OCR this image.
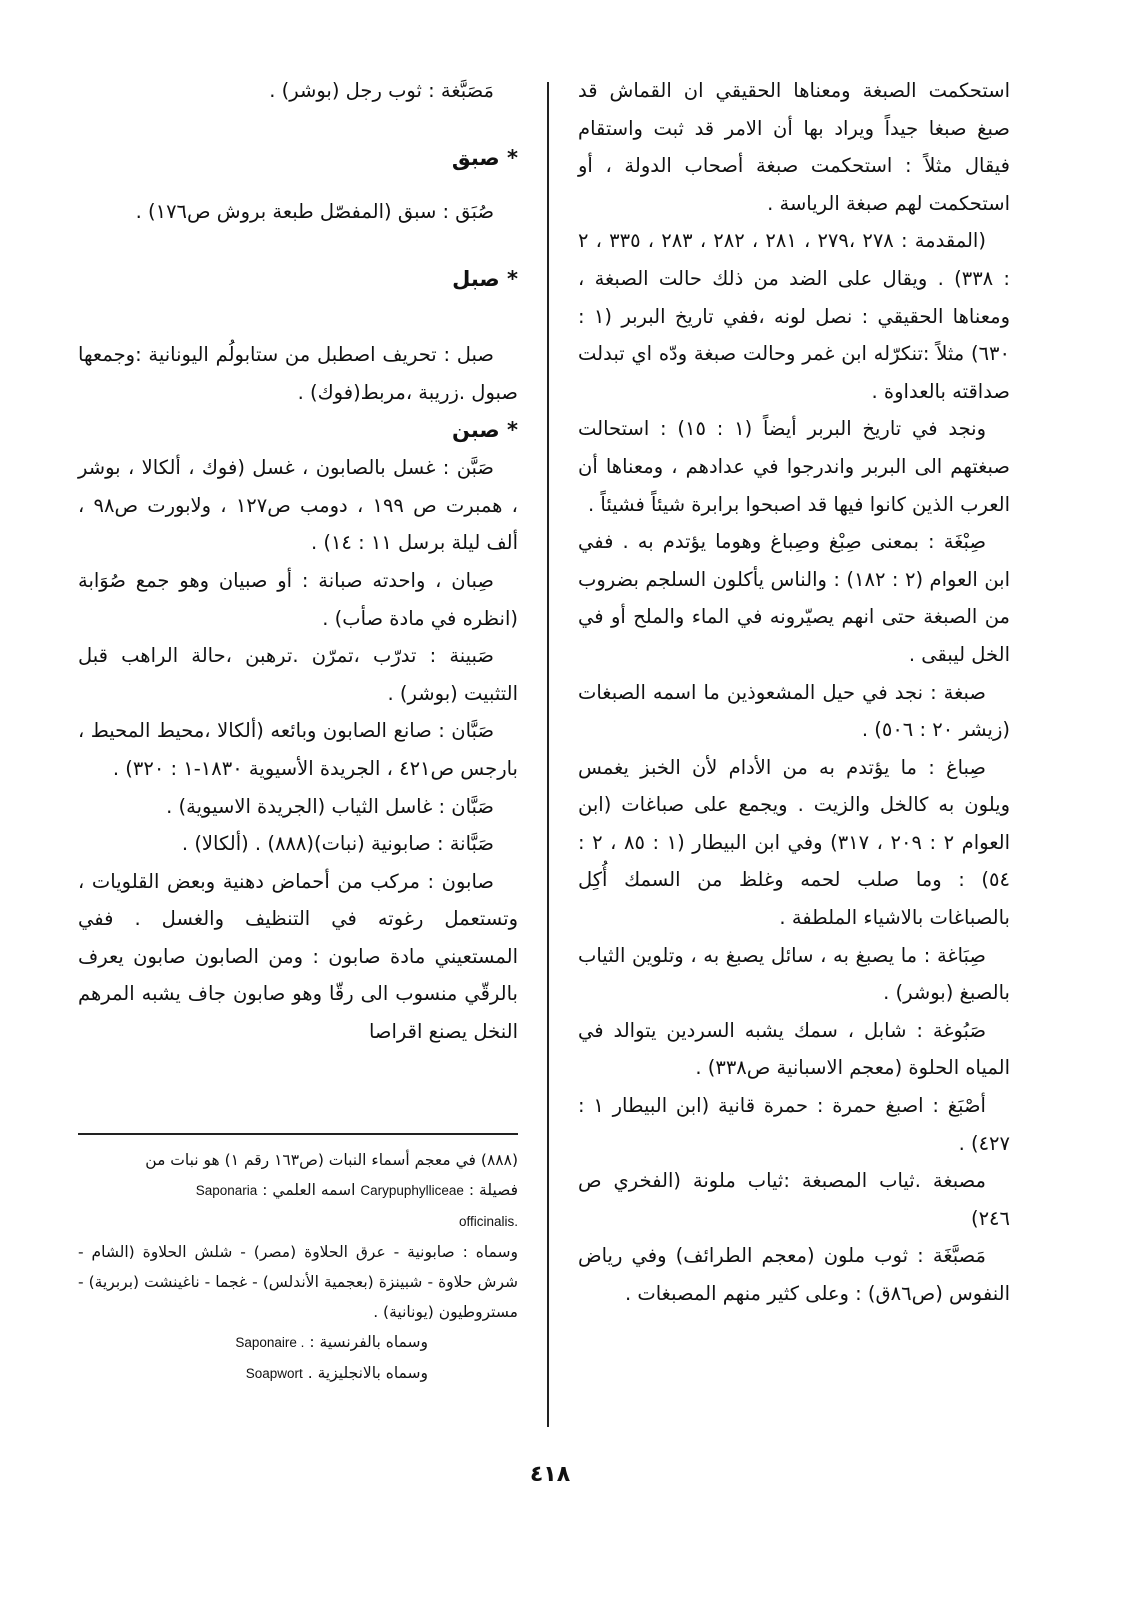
استحكمت الصبغة ومعناها الحقيقي ان القماش قد صبغ صبغا جيداً ويراد بها أن الامر قد ثبت واستقام فيقال مثلاً : استحكمت صبغة أصحاب الدولة ، أو استحكمت لهم صبغة الرياسة .

(المقدمة : ٢٧٨ ،٢٧٩ ، ٢٨١ ، ٢٨٢ ، ٢٨٣ ، ٣٣٥ ، ٢ : ٣٣٨) . ويقال على الضد من ذلك حالت الصبغة ، ومعناها الحقيقي : نصل لونه ،ففي تاريخ البربر (١ : ٦٣٠) مثلاً :تنكرّله ابن غمر وحالت صبغة ودّه اي تبدلت صداقته بالعداوة .

ونجد في تاريخ البربر أيضاً (١ : ١٥) : استحالت صبغتهم الى البربر واندرجوا في عدادهم ، ومعناها أن العرب الذين كانوا فيها قد اصبحوا برابرة شيئاً فشيئاً .

صِبْغَة : بمعنى صِبْغ وصِباغ وهوما يؤتدم به . ففي ابن العوام (٢ : ١٨٢) : والناس يأكلون السلجم بضروب من الصبغة حتى انهم يصيّرونه في الماء والملح أو في الخل ليبقى .

صبغة : نجد في حيل المشعوذين ما اسمه الصبغات (زيشر ٢٠ : ٥٠٦) .

صِباغ : ما يؤتدم به من الأدام لأن الخبز يغمس ويلون به كالخل والزيت . ويجمع على صباغات (ابن العوام ٢ : ٢٠٩ ، ٣١٧) وفي ابن البيطار (١ : ٨٥ ، ٢ : ٥٤) : وما صلب لحمه وغلظ من السمك أُكِل بالصباغات بالاشياء الملطفة .

صِبَاغة : ما يصبغ به ، سائل يصبغ به ، وتلوين الثياب بالصبغ (بوشر) .

صَبُوغة : شابل ، سمك يشبه السردين يتوالد في المياه الحلوة (معجم الاسبانية ص٣٣٨) .

أصْبَغ : اصبغ حمرة : حمرة قانية (ابن البيطار ١ : ٤٢٧) .

مصبغة .ثياب المصبغة :ثياب ملونة (الفخري ص ٢٤٦)

مَصبَّغَة : ثوب ملون (معجم الطرائف) وفي رياض النفوس (ص٨٦ق) : وعلى كثير منهم المصبغات .

مَصَبَّغة : ثوب رجل (بوشر) .

* صبق

صُبَق : سبق (المفصّل طبعة بروش ص١٧٦) .

* صبل

صبل : تحريف اصطبل من ستابولُم اليونانية :وجمعها صبول .زريبة ،مربط(فوك) .

* صبن

صَبَّن : غسل بالصابون ، غسل (فوك ، ألكالا ، بوشر ، همبرت ص ١٩٩ ، دومب ص١٢٧ ، ولابورت ص٩٨ ، ألف ليلة برسل ١١ : ١٤) .

صِبان ، واحدته صبانة : أو صبيان وهو جمع صُوَابة (انظره في مادة صأب) .

صَبينة : تدرّب ،تمرّن .ترهبن ،حالة الراهب قبل التثبيت (بوشر) .

صَبَّان : صانع الصابون وبائعه (ألكالا ،محيط المحيط ، بارجس ص٤٢١ ، الجريدة الأسيوية ١٨٣٠-١ : ٣٢٠) .

صَبَّان : غاسل الثياب (الجريدة الاسيوية) .

صَبَّانة : صابونية (نبات)(٨٨٨) . (ألكالا) .

صابون : مركب من أحماض دهنية وبعض القلويات ، وتستعمل رغوته في التنظيف والغسل . ففي المستعيني مادة صابون : ومن الصابون صابون يعرف بالرقّي منسوب الى رقّا وهو صابون جاف يشبه المرهم النخل يصنع اقراصا

(٨٨٨) في معجم أسماء النبات (ص١٦٣ رقم ١) هو نبات من

فصيلة : Carypuphylliceae اسمه العلمي : Saponaria

officinalis.

وسماه : صابونية - عرق الحلاوة (مصر) - شلش الحلاوة (الشام - شرش حلاوة - شبينزة (بعجمية الأندلس) - غجما - ناغينشت (بربرية) - مستروطيون (يونانية) .

وسماه بالفرنسية : Saponaire .

وسماه بالانجليزية . Soapwort

٤١٨
